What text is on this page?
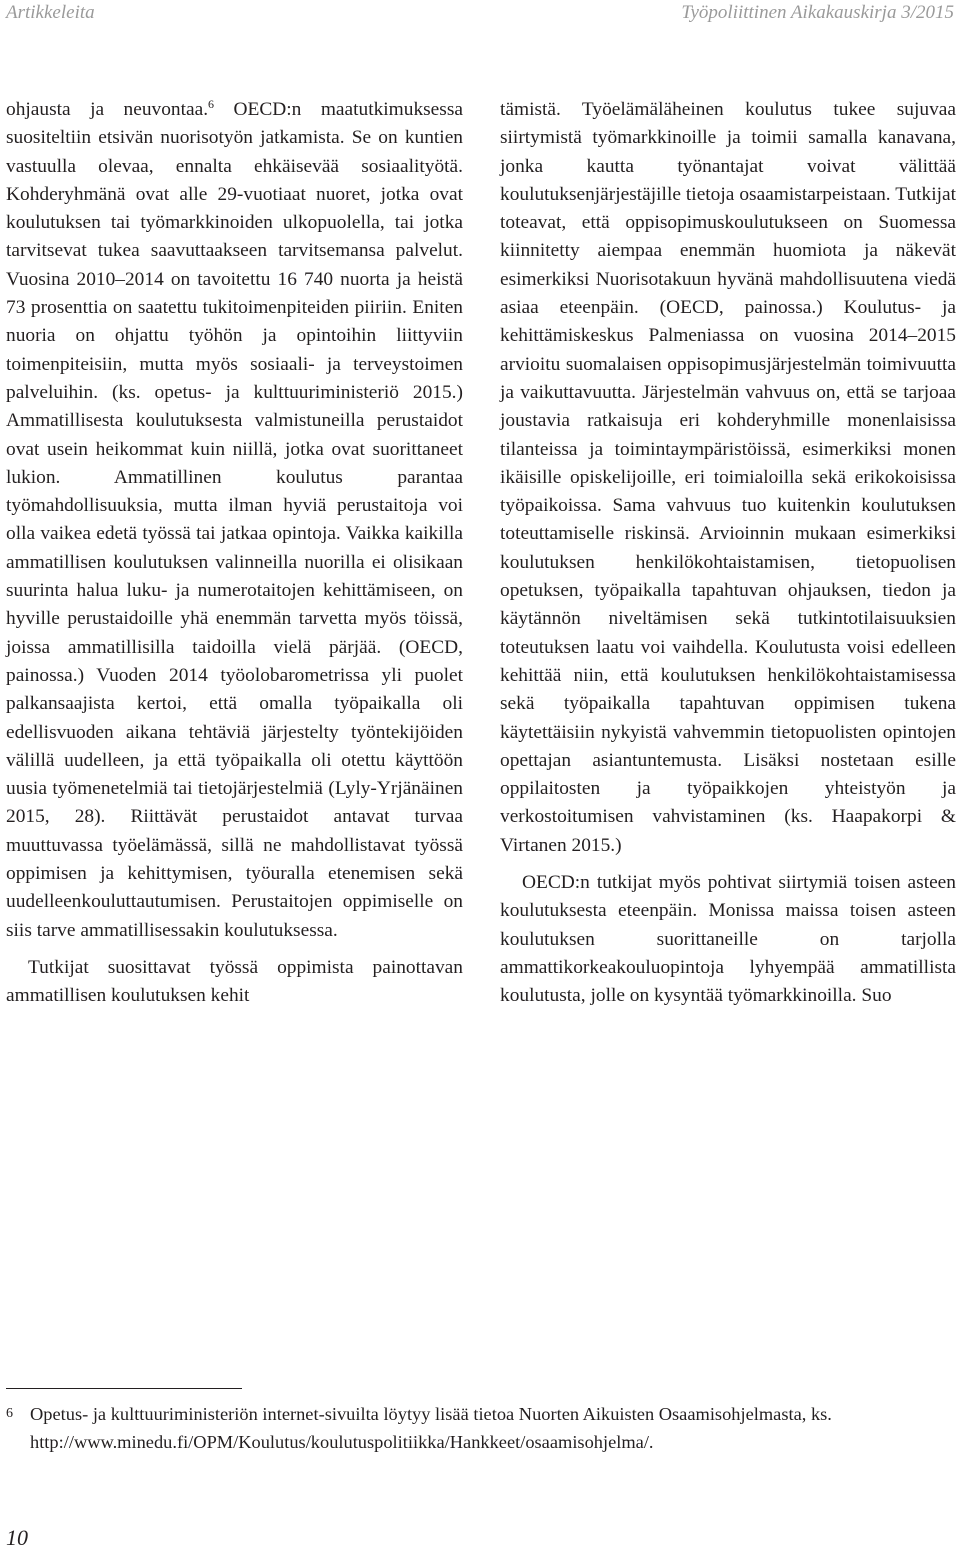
Artikkeleita	Työpoliittinen Aikakauskirja 3/2015

ohjausta ja neuvontaa.$^6$ OECD:n maatutkimuksessa suositeltiin etsivän nuorisotyön jatkamista. Se on kuntien vastuulla olevaa, ennalta ehkäisevää sosiaalityötä. Kohderyhmänä ovat alle 29-vuotiaat nuoret, jotka ovat koulutuksen tai työmarkkinoiden ulkopuolella, tai jotka tarvitsevat tukea saavuttaakseen tarvitsemansa palvelut. Vuosina 2010–2014 on tavoitettu 16 740 nuorta ja heistä 73 prosenttia on saatettu tukitoimenpiteiden piiriin. Eniten nuoria on ohjattu työhön ja opintoihin liittyviin toimenpiteisiin, mutta myös sosiaali- ja terveystoimen palveluihin. (ks. opetus- ja kulttuuriministeriö 2015.) Ammatillisesta koulutuksesta valmistuneilla perustaidot ovat usein heikommat kuin niillä, jotka ovat suorittaneet lukion. Ammatillinen koulutus parantaa työmahdollisuuksia, mutta ilman hyviä perustaitoja voi olla vaikea edetä työssä tai jatkaa opintoja. Vaikka kaikilla ammatillisen koulutuksen valinneilla nuorilla ei olisikaan suurinta halua luku- ja numerotaitojen kehittämiseen, on hyville perustaidoille yhä enemmän tarvetta myös töissä, joissa ammatillisilla taidoilla vielä pärjää. (OECD, painossa.) Vuoden 2014 työolobarometrissa yli puolet palkansaajista kertoi, että omalla työpaikalla oli edellisvuoden aikana tehtäviä järjestelty työntekijöiden välillä uudelleen, ja että työpaikalla oli otettu käyttöön uusia työmenetelmiä tai tietojärjestelmiä (Lyly-Yrjänäinen 2015, 28). Riittävät perustaidot antavat turvaa muuttuvassa työelämässä, sillä ne mahdollistavat työssä oppimisen ja kehittymisen, työuralla etenemisen sekä uudelleenkouluttautumisen. Perustaitojen oppimiselle on siis tarve ammatillisessakin koulutuksessa.

Tutkijat suosittavat työssä oppimista painottavan ammatillisen koulutuksen kehit

tämistä. Työelämäläheinen koulutus tukee sujuvaa siirtymistä työmarkkinoille ja toimii samalla kanavana, jonka kautta työnantajat voivat välittää koulutuksenjärjestäjille tietoja osaamistarpeistaan. Tutkijat toteavat, että oppisopimuskoulutukseen on Suomessa kiinnitetty aiempaa enemmän huomiota ja näkevät esimerkiksi Nuorisotakuun hyvänä mahdollisuutena viedä asiaa eteenpäin. (OECD, painossa.) Koulutus- ja kehittämiskeskus Palmeniassa on vuosina 2014–2015 arvioitu suomalaisen oppisopimusjärjestelmän toimivuutta ja vaikuttavuutta. Järjestelmän vahvuus on, että se tarjoaa joustavia ratkaisuja eri kohderyhmille monenlaisissa tilanteissa ja toimintaympäristöissä, esimerkiksi monen ikäisille opiskelijoille, eri toimialoilla sekä erikokoisissa työpaikoissa. Sama vahvuus tuo kuitenkin koulutuksen toteuttamiselle riskinsä. Arvioinnin mukaan esimerkiksi koulutuksen henkilökohtaistamisen, tietopuolisen opetuksen, työpaikalla tapahtuvan ohjauksen, tiedon ja käytännön niveltämisen sekä tutkintotilaisuuksien toteutuksen laatu voi vaihdella. Koulutusta voisi edelleen kehittää niin, että koulutuksen henkilökohtaistamisessa sekä työpaikalla tapahtuvan oppimisen tukena käytettäisiin nykyistä vahvemmin tietopuolisten opintojen opettajan asiantuntemusta. Lisäksi nostetaan esille oppilaitosten ja työpaikkojen yhteistyön ja verkostoitumisen vahvistaminen (ks. Haapakorpi & Virtanen 2015.)

OECD:n tutkijat myös pohtivat siirtymiä toisen asteen koulutuksesta eteenpäin. Monissa maissa toisen asteen koulutuksen suorittaneille on tarjolla ammattikorkeakouluopintoja lyhyempää ammatillista koulutusta, jolle on kysyntää työmarkkinoilla. Suo

6 Opetus- ja kulttuuriministeriön internet-sivuilta löytyy lisää tietoa Nuorten Aikuisten Osaamisohjelmasta, ks. http://www.minedu.fi/OPM/Koulutus/koulutuspolitiikka/Hankkeet/osaamisohjelma/.
10
